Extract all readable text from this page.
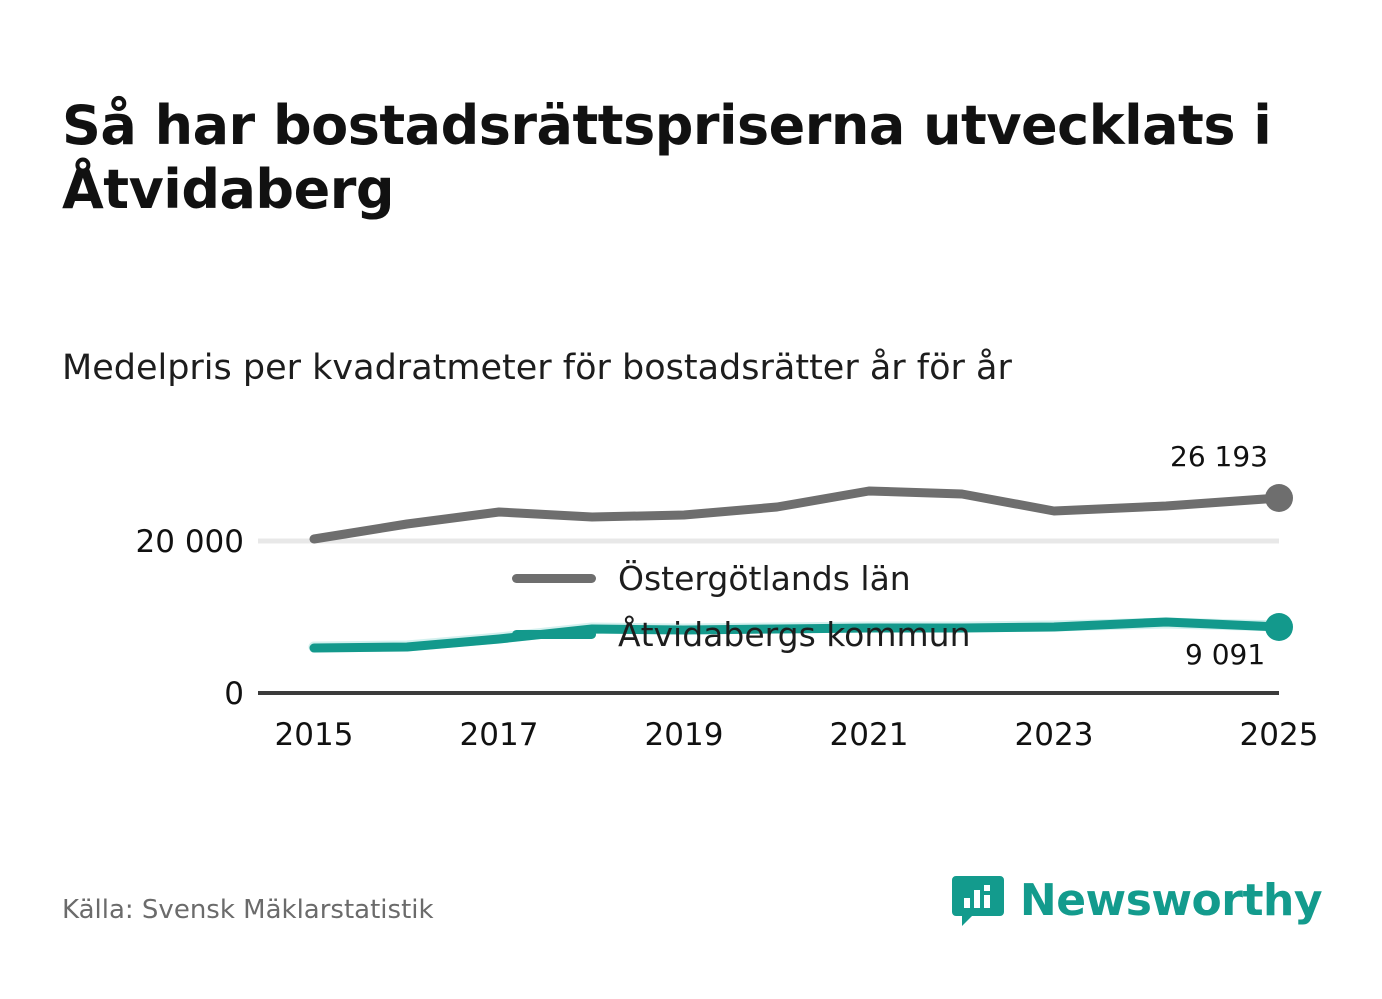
Så har bostadsrättspriserna utvecklats i Åtvidaberg

Medelpris per kvadratmeter för bostadsrätter år för år

20 000
0
2015	2017	2019	2021	2023	2025
26 193
9 091
Östergötlands län
Åtvidabergs kommun
Källa: Svensk Mäklarstatistik	Newsworthy
